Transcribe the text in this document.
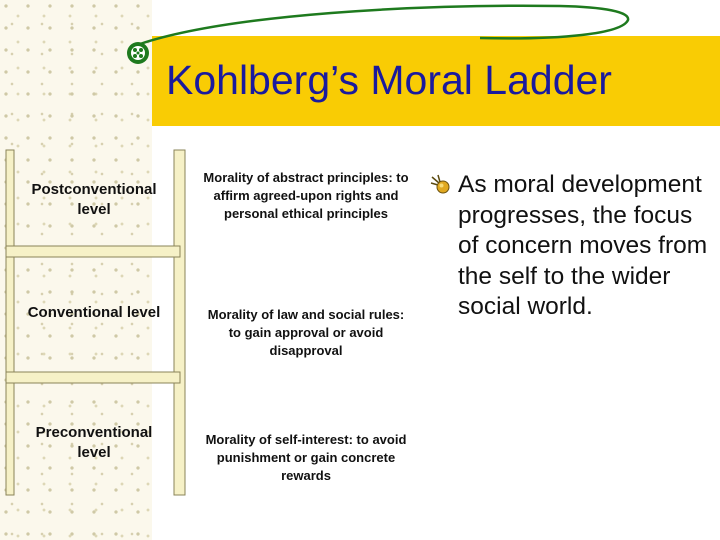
Kohlberg’s Moral Ladder
Postconventional level
Conventional level
Preconventional level
Morality of abstract principles: to affirm agreed-upon rights and personal ethical principles
Morality of law and social rules: to gain approval or avoid disapproval
Morality of self-interest: to avoid punishment or gain concrete rewards
As moral development progresses, the focus of concern moves from the self to the wider social world.
